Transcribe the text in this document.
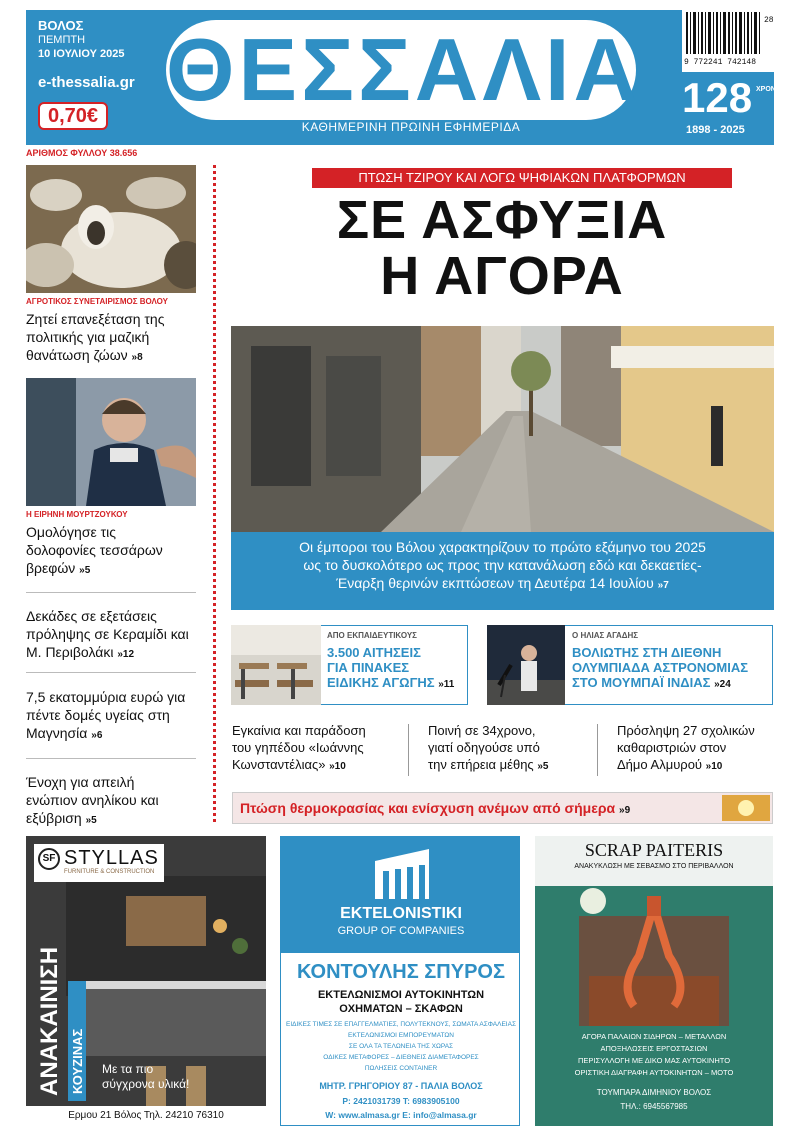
ΒΟΛΟΣ
ΠΕΜΠΤΗ
10 ΙΟΥΛΙΟΥ 2025
e-thessalia.gr
0,70€ ΘΕΣΣΑΛΙΑ
ΚΑΘΗΜΕΡΙΝΗ ΠΡΩΙΝΗ ΕΦΗΜΕΡΙΔΑ
28
9 772241 742148
128 ΧΡΟΝΙΑ
1898 - 2025
ΑΡΙΘΜΟΣ ΦΥΛΛΟΥ 38.656
ΑΓΡΟΤΙΚΟΣ ΣΥΝΕΤΑΙΡΙΣΜΟΣ ΒΟΛΟΥ
Ζητεί επανεξέταση της πολιτικής για μαζική θανάτωση ζώων »8
Η ΕΙΡΗΝΗ ΜΟΥΡΤΖΟΥΚΟΥ
Ομολόγησε τις δολοφονίες τεσσάρων βρεφών »5
Δεκάδες σε εξετάσεις πρόληψης σε Κεραμίδι και Μ. Περιβολάκι »12
7,5 εκατομμύρια ευρώ για πέντε δομές υγείας στη Μαγνησία »6
Ένοχη για απειλή ενώπιον ανηλίκου και εξύβριση »5
ΠΤΩΣΗ ΤΖΙΡΟΥ ΚΑΙ ΛΟΓΩ ΨΗΦΙΑΚΩΝ ΠΛΑΤΦΟΡΜΩΝ
ΣΕ ΑΣΦΥΞΙΑ
Η ΑΓΟΡΑ
Οι έμποροι του Βόλου χαρακτηρίζουν το πρώτο εξάμηνο του 2025
ως το δυσκολότερο ως προς την κατανάλωση εδώ και δεκαετίες-
Έναρξη θερινών εκπτώσεων τη Δευτέρα 14 Ιουλίου »7
ΑΠΟ ΕΚΠΑΙΔΕΥΤΙΚΟΥΣ
3.500 ΑΙΤΗΣΕΙΣ
ΓΙΑ ΠΙΝΑΚΕΣ
ΕΙΔΙΚΗΣ ΑΓΩΓΗΣ »11
Ο ΗΛΙΑΣ ΑΓΑΔΗΣ
ΒΟΛΙΩΤΗΣ ΣΤΗ ΔΙΕΘΝΗ
ΟΛΥΜΠΙΑΔΑ ΑΣΤΡΟΝΟΜΙΑΣ
ΣΤΟ ΜΟΥΜΠΑΪ ΙΝΔΙΑΣ »24
Εγκαίνια και παράδοση
του γηπέδου «Ιωάννης
Κωνσταντέλιας» »10
Ποινή σε 34χρονο,
γιατί οδηγούσε υπό
την επήρεια μέθης »5
Πρόσληψη 27 σχολικών
καθαριστριών στον
Δήμο Αλμυρού »10
Πτώση θερμοκρασίας και ενίσχυση ανέμων από σήμερα »9
SF STYLLAS
FURNITURE & CONSTRUCTION
ΚΟΥΖΙΝΑΣ Με τα πιο
σύγχρονα υλικά!
Ερμου 21 Βόλος Τηλ. 24210 76310
EKTELONISTIKI
GROUP OF COMPANIES
ΚΟΝΤΟΥΛΗΣ ΣΠΥΡΟΣ
ΕΚΤΕΛΩΝΙΣΜΟΙ ΑΥΤΟΚΙΝΗΤΩΝ
ΟΧΗΜΑΤΩΝ – ΣΚΑΦΩΝ
ΕΙΔΙΚΕΣ ΤΙΜΕΣ ΣΕ ΕΠΑΓΓΕΛΜΑΤΙΕΣ, ΠΟΛΥΤΕΚΝΟΥΣ, ΣΩΜΑΤΑ ΑΣΦΑΛΕΙΑΣ
ΕΚΤΕΛΩΝΙΣΜΟΙ ΕΜΠΟΡΕΥΜΑΤΩΝ
ΣΕ ΟΛΑ ΤΑ ΤΕΛΩΝΕΙΑ ΤΗΣ ΧΩΡΑΣ
ΟΔΙΚΕΣ ΜΕΤΑΦΟΡΕΣ – ΔΙΕΘΝΕΙΣ ΔΙΑΜΕΤΑΦΟΡΕΣ
ΠΩΛΗΣΕΙΣ CONTAINER
ΜΗΤΡ. ΓΡΗΓΟΡΙΟΥ 87 - ΠΑΛΙΑ ΒΟΛΟΣ
Ρ: 2421031739 Τ: 6983905100
W: www.almasa.gr E: info@almasa.gr
SCRAP PAITERIS
ΑΝΑΚΥΚΛΩΣΗ ΜΕ ΣΕΒΑΣΜΟ ΣΤΟ ΠΕΡΙΒΑΛΛΟΝ
ΑΓΟΡΑ ΠΑΛΑΙΩΝ ΣΙΔΗΡΩΝ – ΜΕΤΑΛΛΩΝ
ΑΠΟΞΗΛΩΣΕΙΣ ΕΡΓΟΣΤΑΣΙΩΝ
ΠΕΡΙΣΥΛΛΟΓΗ ΜΕ ΔΙΚΟ ΜΑΣ ΑΥΤΟΚΙΝΗΤΟ
ΟΡΙΣΤΙΚΗ ΔΙΑΓΡΑΦΗ ΑΥΤΟΚΙΝΗΤΩΝ – ΜΟΤΟ
ΤΟΥΜΠΑΡΑ ΔΙΜΗΝΙΟΥ ΒΟΛΟΣ
ΤΗΛ.: 6945567985
